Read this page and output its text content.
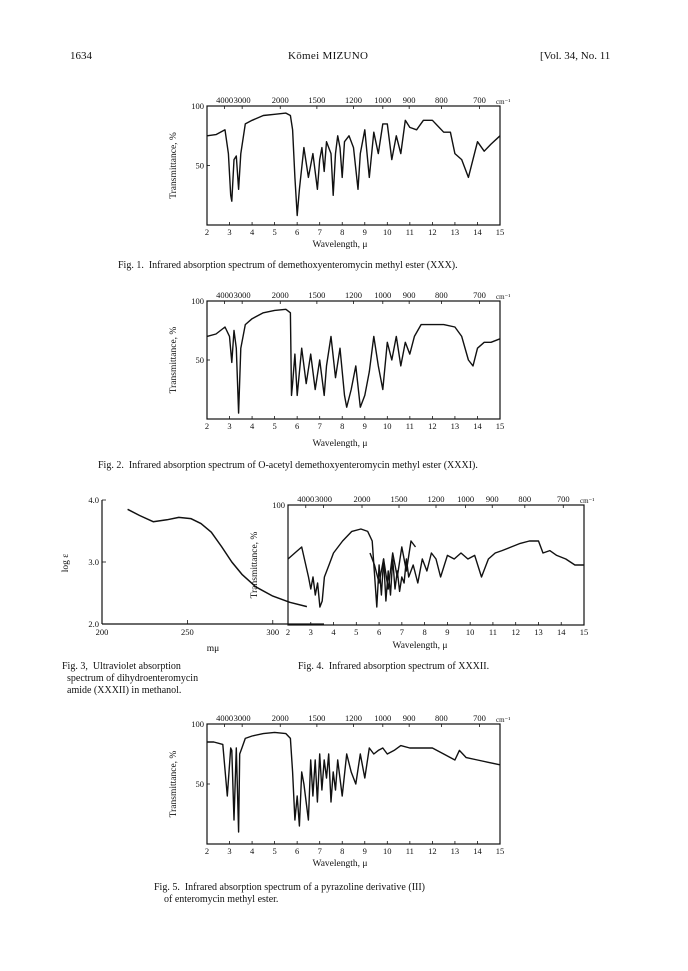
1634	Kōmei MIZUNO	[Vol. 34, No. 11
2 3 4 5 6 7 8 9 10 11 12 13 14 15
4000 3000 2000 1500 1200 1000 900 800	700 cm⁻¹
100
50
Wavelength, μ
Transmittance, %
Fig. 1.  Infrared absorption spectrum of demethoxyenteromycin methyl ester (XXX).
2 3 4 5 6 7 8 9 10 11 12 13 14 15
4000 3000 2000 1500 1200 1000 900 800	700 cm⁻¹
100
50
Wavelength, μ
Transmittance, %
Fig. 2.  Infrared absorption spectrum of O-acetyl demethoxyenteromycin methyl ester (XXXI).
200	250	300
4.0
3.0
2.0
mμ
log ε
Fig. 3,  Ultraviolet absorption
spectrum of dihydroenteromycin
amide (XXXII) in methanol.
2 3 4 5 6 7 8 9 10 11 12 13 14 15
4000 3000	2000 1500 1200 1000 900 800	700 cm⁻¹
100
Wavelength, μ
Transmittance, %
Fig. 4.  Infrared absorption spectrum of XXXII.
2 3 4 5 6 7 8 9 10 11 12 13 14 15
4000 3000 2000 1500 1200 1000 900 800	700 cm⁻¹
100
50
Wavelength, μ
Transmittance, %
Fig. 5.  Infrared absorption spectrum of a pyrazoline derivative (III)
of enteromycin methyl ester.
